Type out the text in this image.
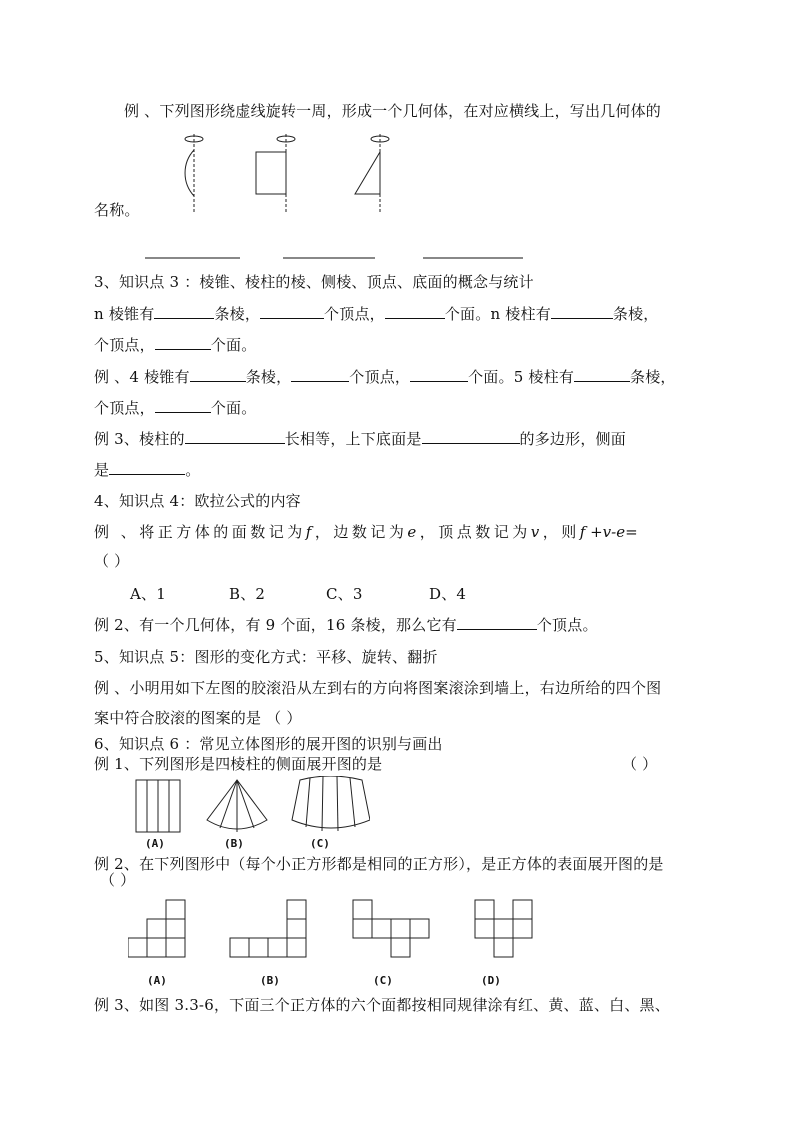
例 、下列图形绕虚线旋转一周，形成一个几何体，在对应横线上，写出几何体的
名称。
3、知识点 3 ：棱锥、棱柱的棱、侧棱、顶点、底面的概念与统计
n 棱锥有	条棱，	个顶点，	个面。n 棱柱有	条棱，
个顶点，	个面。
例 、4 棱锥有	条棱，	个顶点，	个面。5 棱柱有	条棱，
个顶点，	个面。
例 3、棱柱的	长相等，上下底面是	的多边形，侧面
是	。
4、知识点 4：欧拉公式的内容
例 、将正方体的面数记为f，边数记为e，顶点数记为v，则f +v-e=
（ ）
A、1	B、2	C、3	D、4
例 2、有一个几何体，有 9 个面，16 条棱，那么它有	个顶点。
5、知识点 5：图形的变化方式：平移、旋转、翻折
例 、小明用如下左图的胶滚沿从左到右的方向将图案滚涂到墙上，右边所给的四个图
案中符合胶滚的图案的是 （ ）
6、知识点 6 ：常见立体图形的展开图的识别与画出
例 1、下列图形是四棱柱的侧面展开图的是	（ ）
(A)	(B)	(C)
例 2、在下列图形中（每个小正方形都是相同的正方形），是正方体的表面展开图的是
（ ）
(A)	(B)	(C)	(D)
例 3、如图 3.3-6，下面三个正方体的六个面都按相同规律涂有红、黄、蓝、白、黑、
